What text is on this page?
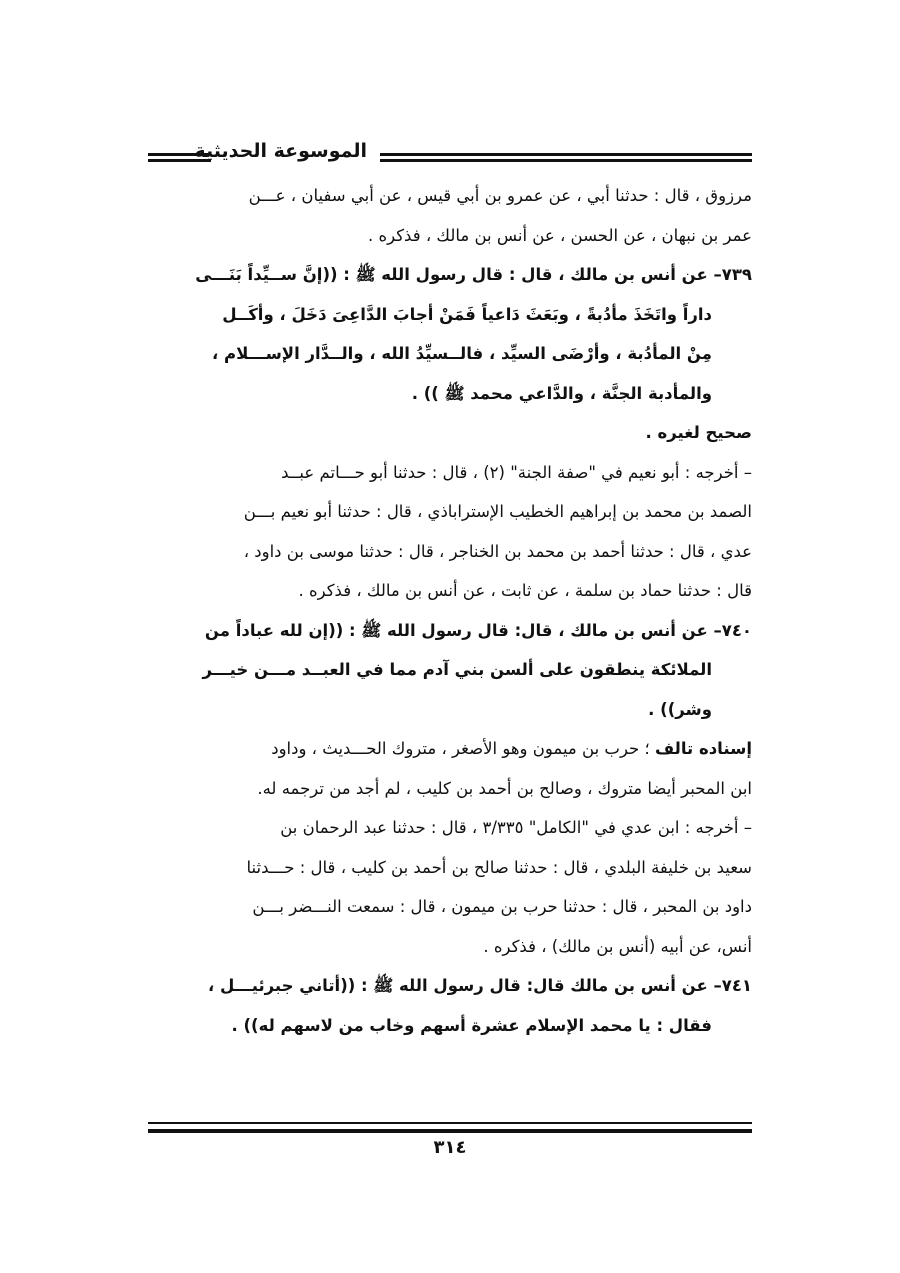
الموسوعة الحديثية
مرزوق ، قال : حدثنا أبي ، عن عمرو بن أبي قيس ، عن أبي سفيان ، عـــن
عمر بن نبهان ، عن الحسن ، عن أنس بن مالك ، فذكره .
٧٣٩– عن أنس بن مالك ، قال : قال رسول الله ﷺ : ((إنَّ ســيِّداً بَنَـــى
داراً واتَخَذَ مأدُبةً ، وبَعَثَ دَاعياً فَمَنْ أجابَ الدَّاعِىَ دَخَلَ ، وأكَــل
مِنْ المأدُبة ، وأرْضَى السيِّد ، فالــسيِّدُ الله ، والــدَّار الإســـلام ،
والمأدبة الجنَّة ، والدَّاعي محمد ﷺ )) .
صحيح لغيره .
– أخرجه : أبو نعيم في "صفة الجنة" (٢) ، قال : حدثنا أبو حـــاتم عبــد
الصمد بن محمد بن إبراهيم الخطيب الإستراباذي ، قال : حدثنا أبو نعيم بـــن
عدي ، قال : حدثنا أحمد بن محمد بن الخناجر ، قال : حدثنا موسى بن داود ،
قال : حدثنا حماد بن سلمة ، عن ثابت ، عن أنس بن مالك ، فذكره .
٧٤٠– عن أنس بن مالك ، قال: قال رسول الله ﷺ : ((إن لله عباداً من
الملائكة ينطقون على ألسن بني آدم مما في العبــد مـــن خيـــر
وشر)) .
إسناده تالف ؛ حرب بن ميمون وهو الأصغر ، متروك الحـــديث ، وداود
ابن المحبر أيضا متروك ، وصالح بن أحمد بن كليب ، لم أجد من ترجمه له.
– أخرجه : ابن عدي في "الكامل" ٣/٣٣٥ ، قال : حدثنا عبد الرحمان بن
سعيد بن خليفة البلدي ، قال : حدثنا صالح بن أحمد بن كليب ، قال : حـــدثنا
داود بن المحبر ، قال : حدثنا حرب بن ميمون ، قال : سمعت النـــضر بـــن
أنس، عن أبيه (أنس بن مالك) ، فذكره .
٧٤١– عن أنس بن مالك قال: قال رسول الله ﷺ : ((أتاني جبرئيـــل ،
فقال : يا محمد الإسلام عشرة أسهم وخاب من لاسهم له)) .
٣١٤
